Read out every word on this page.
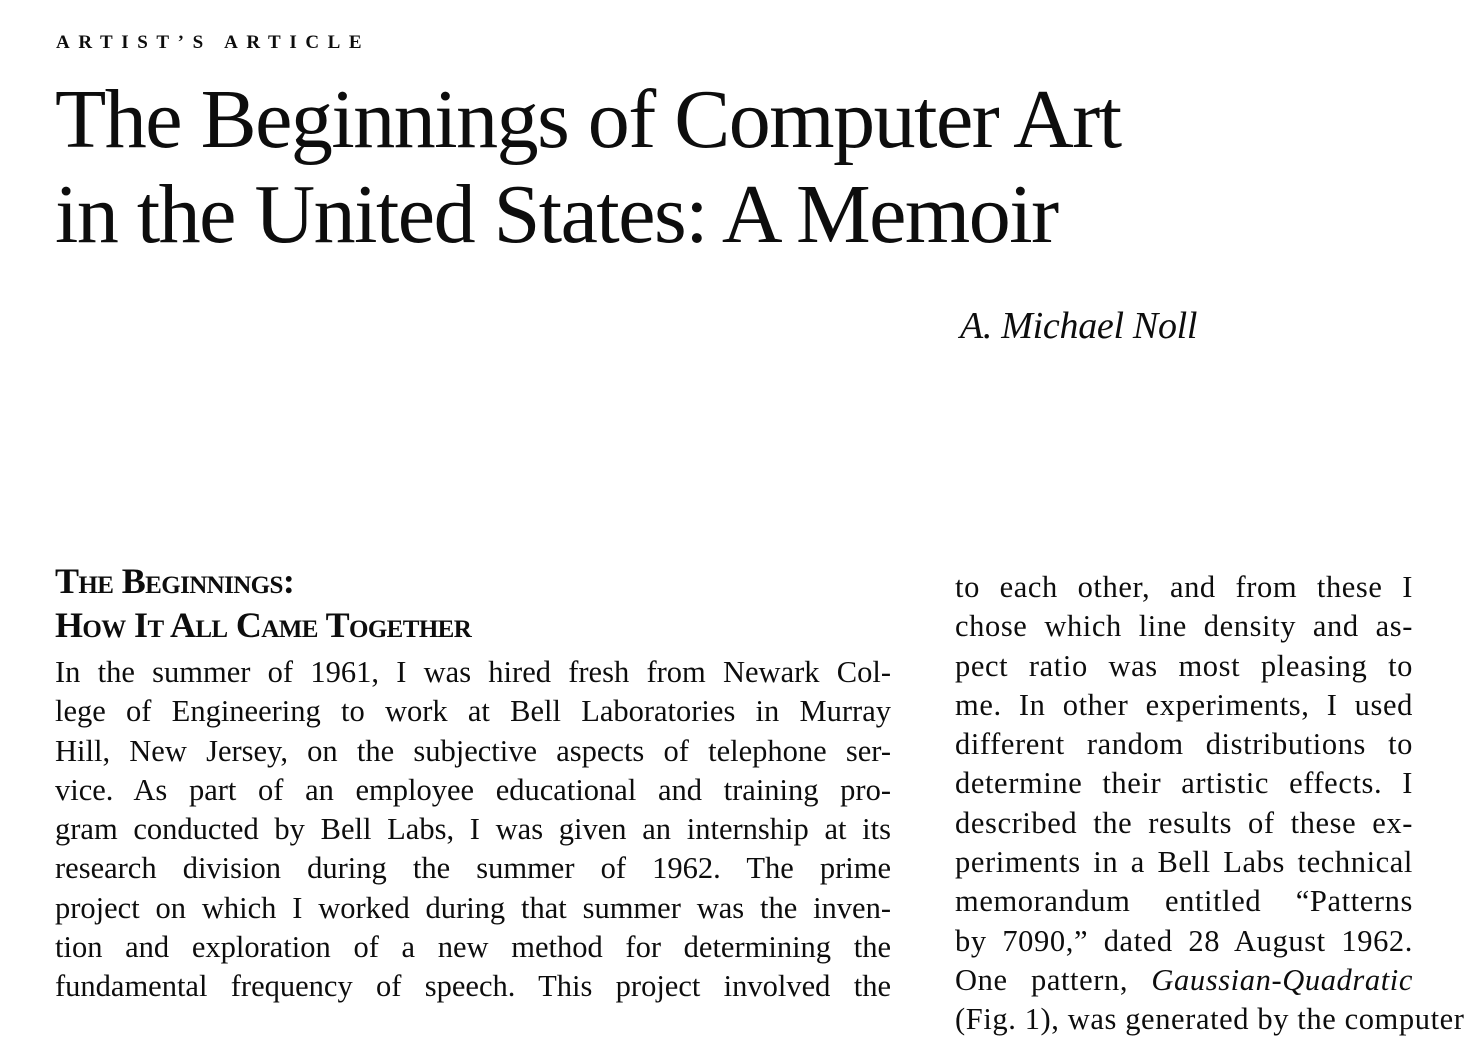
ARTIST’S ARTICLE
The Beginnings of Computer Art
in the United States: A Memoir
A. Michael Noll
The Beginnings:
How It All Came Together
In the summer of 1961, I was hired fresh from Newark Col-
lege of Engineering to work at Bell Laboratories in Murray
Hill, New Jersey, on the subjective aspects of telephone ser-
vice. As part of an employee educational and training pro-
gram conducted by Bell Labs, I was given an internship at its
research division during the summer of 1962. The prime
project on which I worked during that summer was the inven-
tion and exploration of a new method for determining the
fundamental frequency of speech. This project involved the
to each other, and from these I
chose which line density and as-
pect ratio was most pleasing to
me. In other experiments, I used
different random distributions to
determine their artistic effects. I
described the results of these ex-
periments in a Bell Labs technical
memorandum entitled “Patterns
by 7090,” dated 28 August 1962.
One pattern, Gaussian-Quadratic
(Fig. 1), was generated by the computer
